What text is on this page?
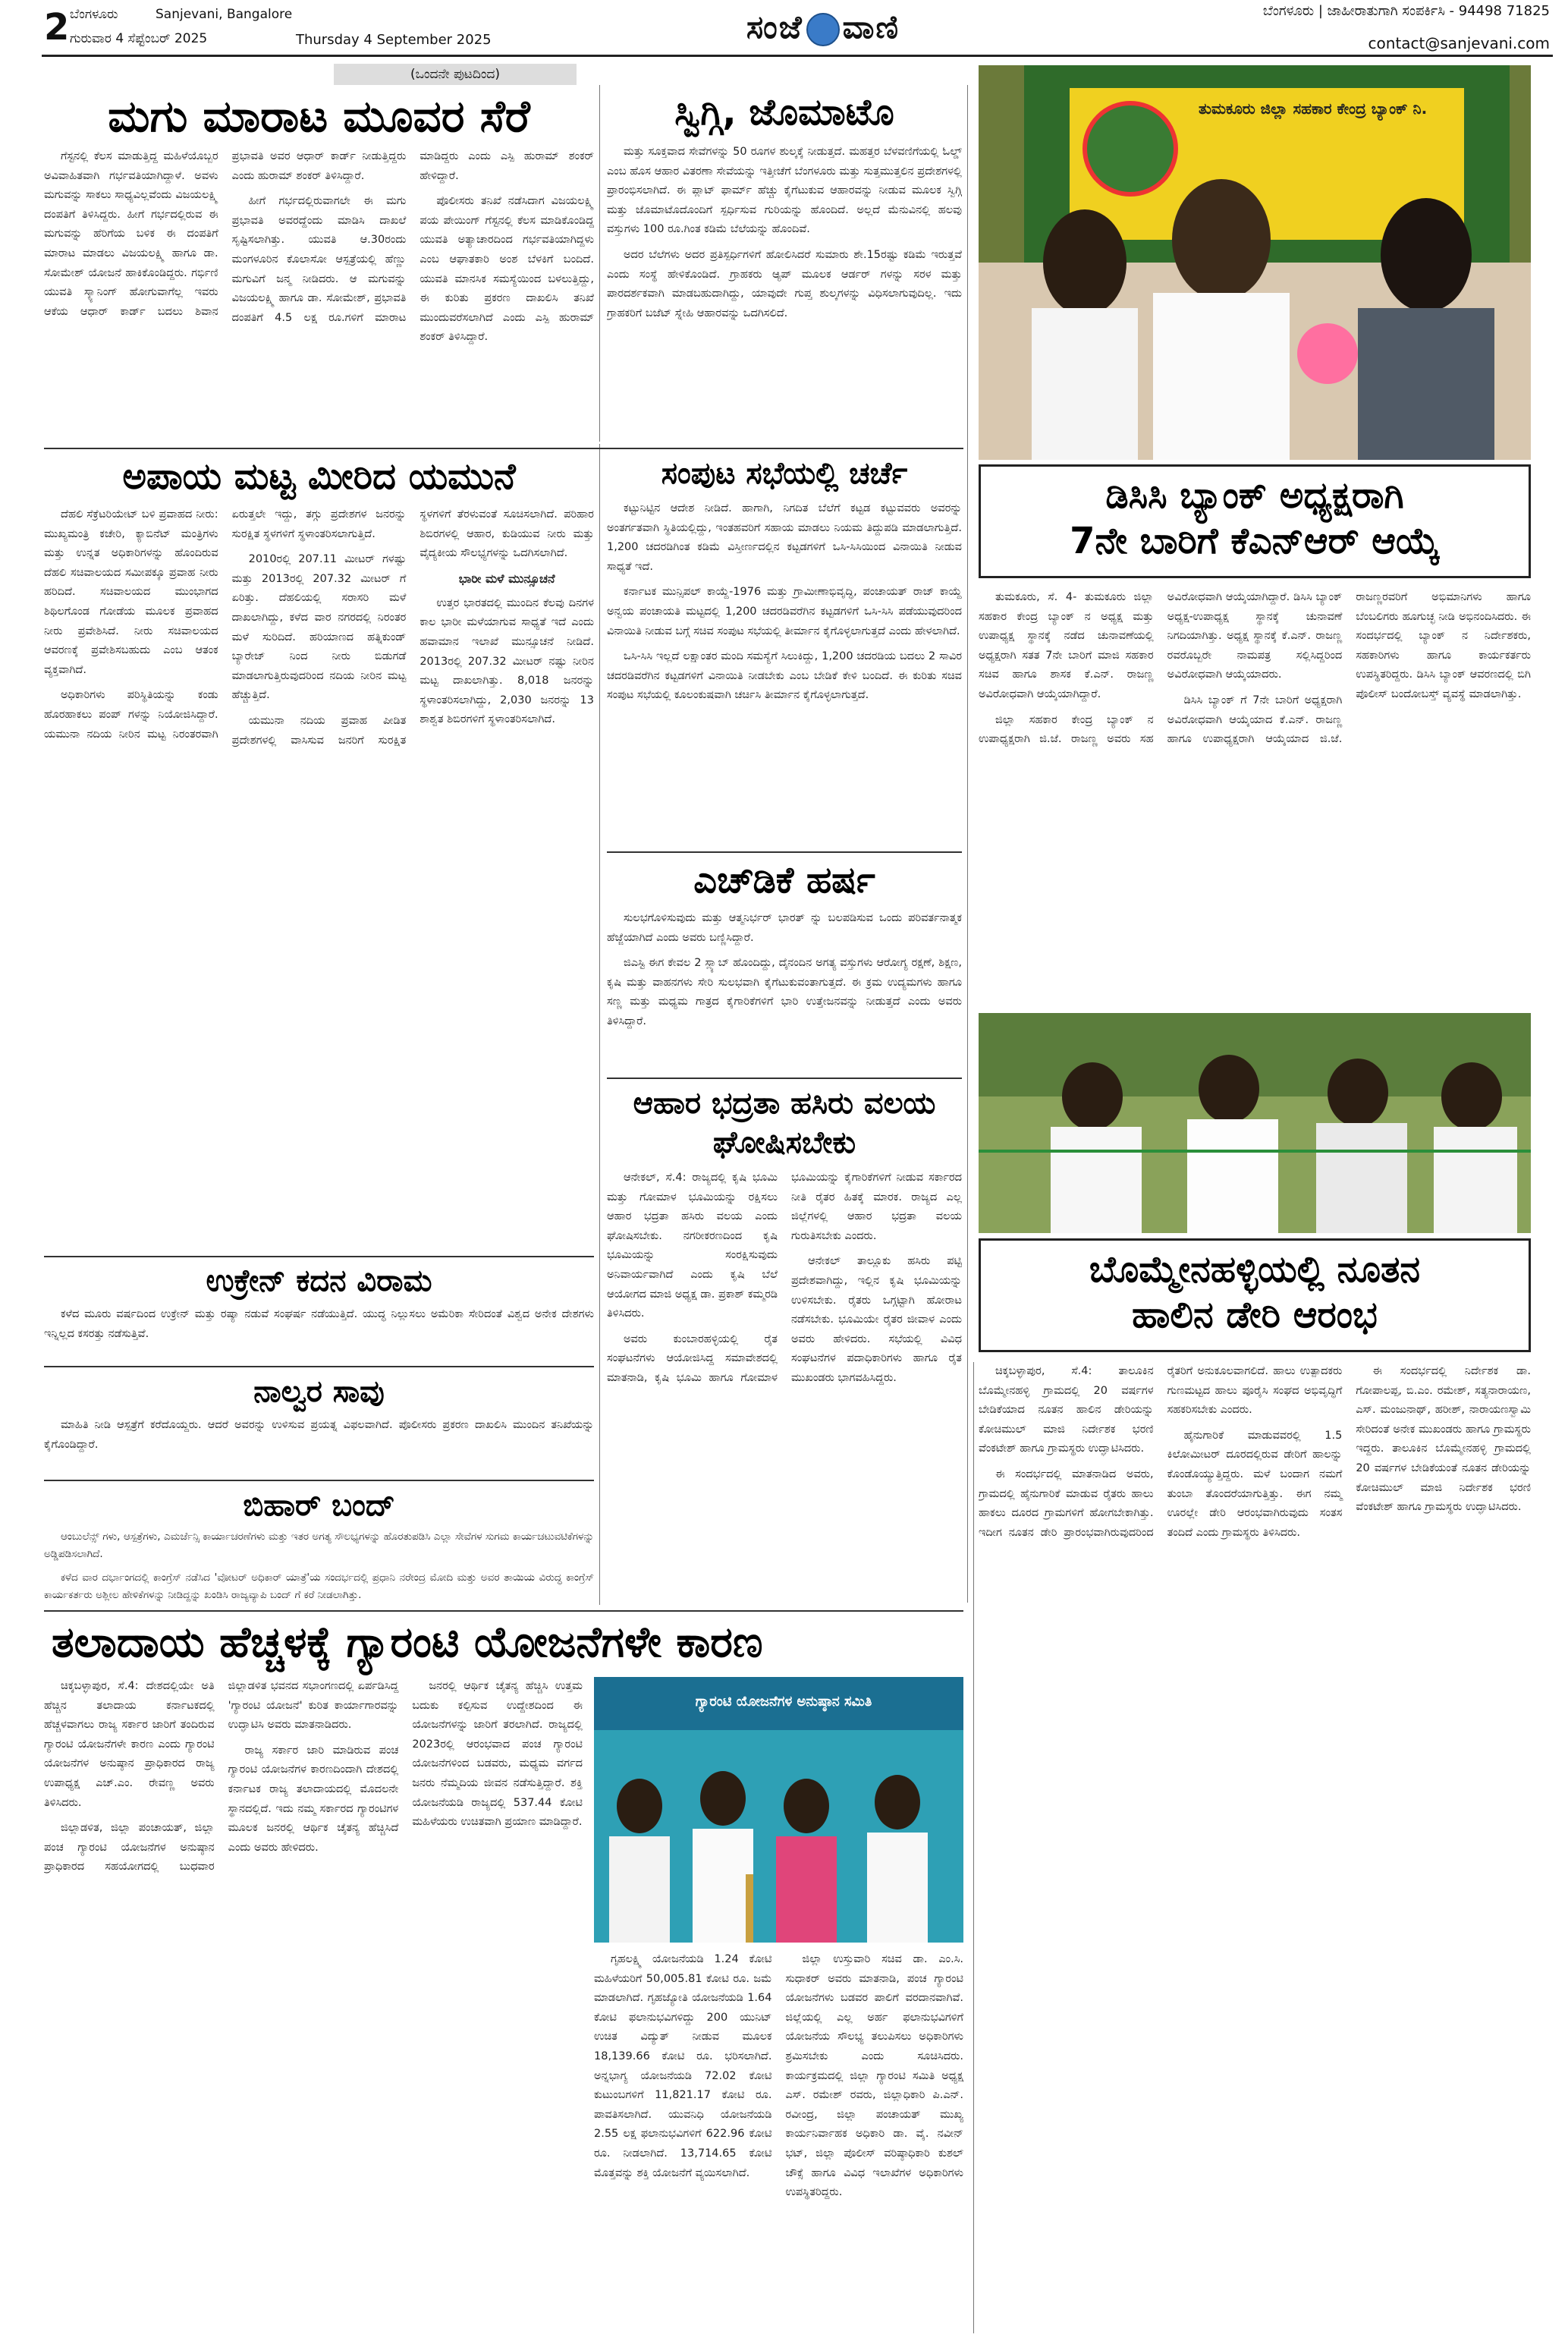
2 ಬೆಂಗಳೂರು	Sanjevani, Bangalore
ಗುರುವಾರ 4 ಸೆಪ್ಟೆಂಬರ್ 2025	Thursday 4 September 2025	ಸಂಜೆ ವಾಣಿ	ಬೆಂಗಳೂರು | ಜಾಹೀರಾತುಗಾಗಿ ಸಂಪರ್ಕಿಸಿ - 94498 71825
contact@sanjevani.com
(ಒಂದನೇ ಪುಟದಿಂದ)
ಮಗು ಮಾರಾಟ ಮೂವರ ಸೆರೆ

ಗೆಸ್ಟನಲ್ಲಿ ಕೆಲಸ ಮಾಡುತ್ತಿದ್ದ ಮಹಿಳೆಯೊಬ್ಬರ ಅವಿವಾಹಿತವಾಗಿ ಗರ್ಭವತಿಯಾಗಿದ್ದಾಳೆ. ಅವಳು ಮಗುವನ್ನು ಸಾಕಲು ಸಾಧ್ಯವಿಲ್ಲವೆಂದು ವಿಜಯಲಕ್ಷ್ಮಿ ದಂಪತಿಗೆ ತಿಳಿಸಿದ್ದರು. ಹೀಗೆ ಗರ್ಭದಲ್ಲಿರುವ ಈ ಮಗುವನ್ನು ಹೆರಿಗೆಯ ಬಳಿಕ ಈ ದಂಪತಿಗೆ ಮಾರಾಟ ಮಾಡಲು ವಿಜಯಲಕ್ಷ್ಮಿ ಹಾಗೂ ಡಾ. ಸೋಮೇಶ್ ಯೋಜನೆ ಹಾಕಿಕೊಂಡಿದ್ದರು. ಗರ್ಭಿಣಿ ಯುವತಿ ಸ್ಕ್ಯಾನಿಂಗ್ ಹೋಗುವಾಗೆಲ್ಲ ಇವರು ಆಕೆಯ ಆಧಾರ್ ಕಾರ್ಡ್ ಬದಲು ಶಿವಾನ ಪ್ರಭಾವತಿ ಅವರ ಆಧಾರ್ ಕಾರ್ಡ್ ನೀಡುತ್ತಿದ್ದರು ಎಂದು ಹುರಾಮ್ ಶಂಕರ್ ತಿಳಿಸಿದ್ದಾರೆ.

ಹೀಗೆ ಗರ್ಭದಲ್ಲಿರುವಾಗಲೇ ಈ ಮಗು ಪ್ರಭಾವತಿ ಅವರದ್ದೆಂದು ಮಾಡಿಸಿ ದಾಖಲೆ ಸೃಷ್ಟಿಸಲಾಗಿತ್ತು. ಯುವತಿ ಆ.30ರಂದು ಮಂಗಳೂರಿನ ಕೊಲಾಸೋ ಆಸ್ಪತ್ರೆಯಲ್ಲಿ ಹೆಣ್ಣು ಮಗುವಿಗೆ ಜನ್ಮ ನೀಡಿದರು. ಆ ಮಗುವನ್ನು ವಿಜಯಲಕ್ಷ್ಮಿ ಹಾಗೂ ಡಾ. ಸೋಮೇಶ್, ಪ್ರಭಾವತಿ ದಂಪತಿಗೆ 4.5 ಲಕ್ಷ ರೂ.ಗಳಿಗೆ ಮಾರಾಟ ಮಾಡಿದ್ದರು ಎಂದು ಎಸ್ಪಿ ಹುರಾಮ್ ಶಂಕರ್ ಹೇಳಿದ್ದಾರೆ.

ಪೊಲೀಸರು ತನಿಖೆ ನಡೆಸಿದಾಗ ವಿಜಯಲಕ್ಷ್ಮಿ ಪಯ ಪೇಯಿಂಗ್ ಗೆಸ್ಟನಲ್ಲಿ ಕೆಲಸ ಮಾಡಿಕೊಂಡಿದ್ದ ಯುವತಿ ಅತ್ಯಾಚಾರದಿಂದ ಗರ್ಭವತಿಯಾಗಿದ್ದಳು ಎಂಬ ಆಘಾತಕಾರಿ ಅಂಶ ಬೆಳಕಿಗೆ ಬಂದಿದೆ. ಯುವತಿ ಮಾನಸಿಕ ಸಮಸ್ಯೆಯಿಂದ ಬಳಲುತ್ತಿದ್ದು, ಈ ಕುರಿತು ಪ್ರಕರಣ ದಾಖಲಿಸಿ ತನಿಖೆ ಮುಂದುವರೆಸಲಾಗಿದೆ ಎಂದು ಎಸ್ಪಿ ಹುರಾಮ್ ಶಂಕರ್ ತಿಳಿಸಿದ್ದಾರೆ.

ಸ್ವಿಗ್ಗಿ, ಜೊಮಾಟೊ

ಮತ್ತು ಸೂಕ್ತವಾದ ಸೇವೆಗಳನ್ನು 50 ರೂಗಳ ಶುಲ್ಕಕ್ಕೆ ನೀಡುತ್ತದೆ. ಮಹತ್ತರ ಬೆಳವಣಿಗೆಯಲ್ಲಿ ಓಲ್ಡ್ ಎಂಬ ಹೊಸ ಆಹಾರ ವಿತರಣಾ ಸೇವೆಯನ್ನು ಇತ್ತೀಚೆಗೆ ಬೆಂಗಳೂರು ಮತ್ತು ಸುತ್ತಮುತ್ತಲಿನ ಪ್ರದೇಶಗಳಲ್ಲಿ ಪ್ರಾರಂಭಿಸಲಾಗಿದೆ. ಈ ಪ್ಲಾಟ್ ಫಾರ್ಮ್ ಹೆಚ್ಚು ಕೈಗೆಟುಕುವ ಆಹಾರವನ್ನು ನೀಡುವ ಮೂಲಕ ಸ್ವಿಗ್ಗಿ ಮತ್ತು ಜೊಮಾಟೊದೊಂದಿಗೆ ಸ್ಪರ್ಧಿಸುವ ಗುರಿಯನ್ನು ಹೊಂದಿದೆ. ಅಲ್ಲದೆ ಮೆನುವಿನಲ್ಲಿ ಹಲವು ವಸ್ತುಗಳು 100 ರೂ.ಗಿಂತ ಕಡಿಮೆ ಬೆಲೆಯನ್ನು ಹೊಂದಿವೆ.

ಅದರ ಬೆಲೆಗಳು ಅದರ ಪ್ರತಿಸ್ಪರ್ಧಿಗಳಿಗೆ ಹೋಲಿಸಿದರೆ ಸುಮಾರು ಶೇ.15ರಷ್ಟು ಕಡಿಮೆ ಇರುತ್ತವೆ ಎಂದು ಸಂಸ್ಥೆ ಹೇಳಿಕೊಂಡಿದೆ. ಗ್ರಾಹಕರು ಆ್ಯಪ್ ಮೂಲಕ ಆರ್ಡರ್ ಗಳನ್ನು ಸರಳ ಮತ್ತು ಪಾರದರ್ಶಕವಾಗಿ ಮಾಡಬಹುದಾಗಿದ್ದು, ಯಾವುದೇ ಗುಪ್ತ ಶುಲ್ಕಗಳನ್ನು ವಿಧಿಸಲಾಗುವುದಿಲ್ಲ. ಇದು ಗ್ರಾಹಕರಿಗೆ ಬಜೆಟ್ ಸ್ನೇಹಿ ಆಹಾರವನ್ನು ಒದಗಿಸಲಿದೆ.

ಅಪಾಯ ಮಟ್ಟ ಮೀರಿದ ಯಮುನೆ

ದೆಹಲಿ ಸೆಕ್ರೆಟರಿಯೇಟ್ ಬಳಿ ಪ್ರವಾಹದ ನೀರು: ಮುಖ್ಯಮಂತ್ರಿ ಕಚೇರಿ, ಕ್ಯಾಬಿನೆಟ್ ಮಂತ್ರಿಗಳು ಮತ್ತು ಉನ್ನತ ಅಧಿಕಾರಿಗಳನ್ನು ಹೊಂದಿರುವ ದೆಹಲಿ ಸಚಿವಾಲಯದ ಸಮೀಪಕ್ಕೂ ಪ್ರವಾಹ ನೀರು ಹರಿದಿದೆ. ಸಚಿವಾಲಯದ ಮುಂಭಾಗದ ಶಿಥಿಲಗೊಂಡ ಗೋಡೆಯ ಮೂಲಕ ಪ್ರವಾಹದ ನೀರು ಪ್ರವೇಶಿಸಿದೆ. ನೀರು ಸಚಿವಾಲಯದ ಆವರಣಕ್ಕೆ ಪ್ರವೇಶಿಸಬಹುದು ಎಂಬ ಆತಂಕ ವ್ಯಕ್ತವಾಗಿದೆ.

ಅಧಿಕಾರಿಗಳು ಪರಿಸ್ಥಿತಿಯನ್ನು ಕಂಡು ಹೊರಹಾಕಲು ಪಂಪ್ ಗಳನ್ನು ನಿಯೋಜಿಸಿದ್ದಾರೆ. ಯಮುನಾ ನದಿಯ ನೀರಿನ ಮಟ್ಟ ನಿರಂತರವಾಗಿ ಏರುತ್ತಲೇ ಇದ್ದು, ತಗ್ಗು ಪ್ರದೇಶಗಳ ಜನರನ್ನು ಸುರಕ್ಷಿತ ಸ್ಥಳಗಳಿಗೆ ಸ್ಥಳಾಂತರಿಸಲಾಗುತ್ತಿದೆ.

2010ರಲ್ಲಿ 207.11 ಮೀಟರ್ ಗಳಷ್ಟು ಮತ್ತು 2013ರಲ್ಲಿ 207.32 ಮೀಟರ್ ಗೆ ಏರಿತ್ತು. ದೆಹಲಿಯಲ್ಲಿ ಸರಾಸರಿ ಮಳೆ ದಾಖಲಾಗಿದ್ದು, ಕಳೆದ ವಾರ ನಗರದಲ್ಲಿ ನಿರಂತರ ಮಳೆ ಸುರಿದಿದೆ. ಹರಿಯಾಣದ ಹತ್ನಿಕುಂಡ್ ಬ್ಯಾರೇಜ್ ನಿಂದ ನೀರು ಬಿಡುಗಡೆ ಮಾಡಲಾಗುತ್ತಿರುವುದರಿಂದ ನದಿಯ ನೀರಿನ ಮಟ್ಟ ಹೆಚ್ಚುತ್ತಿದೆ.

ಯಮುನಾ ನದಿಯ ಪ್ರವಾಹ ಪೀಡಿತ ಪ್ರದೇಶಗಳಲ್ಲಿ ವಾಸಿಸುವ ಜನರಿಗೆ ಸುರಕ್ಷಿತ ಸ್ಥಳಗಳಿಗೆ ತೆರಳುವಂತೆ ಸೂಚಿಸಲಾಗಿದೆ. ಪರಿಹಾರ ಶಿಬಿರಗಳಲ್ಲಿ ಆಹಾರ, ಕುಡಿಯುವ ನೀರು ಮತ್ತು ವೈದ್ಯಕೀಯ ಸೌಲಭ್ಯಗಳನ್ನು ಒದಗಿಸಲಾಗಿದೆ.

ಭಾರೀ ಮಳೆ ಮುನ್ಸೂಚನೆ

ಉತ್ತರ ಭಾರತದಲ್ಲಿ ಮುಂದಿನ ಕೆಲವು ದಿನಗಳ ಕಾಲ ಭಾರೀ ಮಳೆಯಾಗುವ ಸಾಧ್ಯತೆ ಇದೆ ಎಂದು ಹವಾಮಾನ ಇಲಾಖೆ ಮುನ್ಸೂಚನೆ ನೀಡಿದೆ. 2013ರಲ್ಲಿ 207.32 ಮೀಟರ್ ನಷ್ಟು ನೀರಿನ ಮಟ್ಟ ದಾಖಲಾಗಿತ್ತು. 8,018 ಜನರನ್ನು ಸ್ಥಳಾಂತರಿಸಲಾಗಿದ್ದು, 2,030 ಜನರನ್ನು 13 ಶಾಶ್ವತ ಶಿಬಿರಗಳಿಗೆ ಸ್ಥಳಾಂತರಿಸಲಾಗಿದೆ.

ಸಂಪುಟ ಸಭೆಯಲ್ಲಿ ಚರ್ಚೆ

ಕಟ್ಟುನಿಟ್ಟಿನ ಆದೇಶ ನೀಡಿದೆ. ಹಾಗಾಗಿ, ನಿಗದಿತ ಬೆಲೆಗೆ ಕಟ್ಟಡ ಕಟ್ಟುವವರು ಅವರನ್ನು ಅಂತರ್ಗತವಾಗಿ ಸ್ಥಿತಿಯಲ್ಲಿದ್ದು, ಇಂತಹವರಿಗೆ ಸಹಾಯ ಮಾಡಲು ನಿಯಮ ತಿದ್ದುಪಡಿ ಮಾಡಲಾಗುತ್ತಿದೆ. 1,200 ಚದರಡಿಗಿಂತ ಕಡಿಮೆ ವಿಸ್ತೀರ್ಣದಲ್ಲಿನ ಕಟ್ಟಡಗಳಿಗೆ ಒಸಿ-ಸಿಸಿಯಿಂದ ವಿನಾಯಿತಿ ನೀಡುವ ಸಾಧ್ಯತೆ ಇದೆ.

ಕರ್ನಾಟಕ ಮುನ್ಸಿಪಲ್ ಕಾಯ್ದೆ-1976 ಮತ್ತು ಗ್ರಾಮೀಣಾಭಿವೃದ್ಧಿ, ಪಂಚಾಯತ್ ರಾಜ್ ಕಾಯ್ದೆ ಅನ್ವಯ ಪಂಚಾಯತಿ ಮಟ್ಟದಲ್ಲಿ 1,200 ಚದರಡಿವರೆಗಿನ ಕಟ್ಟಡಗಳಿಗೆ ಒಸಿ-ಸಿಸಿ ಪಡೆಯುವುದರಿಂದ ವಿನಾಯಿತಿ ನೀಡುವ ಬಗ್ಗೆ ಸಚಿವ ಸಂಪುಟ ಸಭೆಯಲ್ಲಿ ತೀರ್ಮಾನ ಕೈಗೊಳ್ಳಲಾಗುತ್ತದೆ ಎಂದು ಹೇಳಲಾಗಿದೆ.

ಒಸಿ-ಸಿಸಿ ಇಲ್ಲದೆ ಲಕ್ಷಾಂತರ ಮಂದಿ ಸಮಸ್ಯೆಗೆ ಸಿಲುಕಿದ್ದು, 1,200 ಚದರಡಿಯ ಬದಲು 2 ಸಾವಿರ ಚದರಡಿವರೆಗಿನ ಕಟ್ಟಡಗಳಿಗೆ ವಿನಾಯಿತಿ ನೀಡಬೇಕು ಎಂಬ ಬೇಡಿಕೆ ಕೇಳಿ ಬಂದಿದೆ. ಈ ಕುರಿತು ಸಚಿವ ಸಂಪುಟ ಸಭೆಯಲ್ಲಿ ಕೂಲಂಕುಷವಾಗಿ ಚರ್ಚಿಸಿ ತೀರ್ಮಾನ ಕೈಗೊಳ್ಳಲಾಗುತ್ತದೆ.

ಎಚ್‍ಡಿಕೆ ಹರ್ಷ

ಸುಲಭಗೊಳಿಸುವುದು ಮತ್ತು ಆತ್ಮನಿರ್ಭರ್ ಭಾರತ್ ನ್ನು ಬಲಪಡಿಸುವ ಒಂದು ಪರಿವರ್ತನಾತ್ಮಕ ಹೆಜ್ಜೆಯಾಗಿದೆ ಎಂದು ಅವರು ಬಣ್ಣಿಸಿದ್ದಾರೆ.

ಜಿಎಸ್ಟಿ ಈಗ ಕೇವಲ 2 ಸ್ಲ್ಯಾಬ್ ಹೊಂದಿದ್ದು, ದೈನಂದಿನ ಅಗತ್ಯ ವಸ್ತುಗಳು ಆರೋಗ್ಯ ರಕ್ಷಣೆ, ಶಿಕ್ಷಣ, ಕೃಷಿ ಮತ್ತು ವಾಹನಗಳು ಸೇರಿ ಸುಲಭವಾಗಿ ಕೈಗೆಟುಕುವಂತಾಗುತ್ತದೆ. ಈ ಕ್ರಮ ಉದ್ಯಮಗಳು ಹಾಗೂ ಸಣ್ಣ ಮತ್ತು ಮಧ್ಯಮ ಗಾತ್ರದ ಕೈಗಾರಿಕೆಗಳಿಗೆ ಭಾರಿ ಉತ್ತೇಜನವನ್ನು ನೀಡುತ್ತದೆ ಎಂದು ಅವರು ತಿಳಿಸಿದ್ದಾರೆ.

ಆಹಾರ ಭದ್ರತಾ ಹಸಿರು ವಲಯ ಘೋಷಿಸಬೇಕು

ಆನೇಕಲ್, ಸೆ.4: ರಾಜ್ಯದಲ್ಲಿ ಕೃಷಿ ಭೂಮಿ ಮತ್ತು ಗೋಮಾಳ ಭೂಮಿಯನ್ನು ರಕ್ಷಿಸಲು ಆಹಾರ ಭದ್ರತಾ ಹಸಿರು ವಲಯ ಎಂದು ಘೋಷಿಸಬೇಕು. ನಗರೀಕರಣದಿಂದ ಕೃಷಿ ಭೂಮಿಯನ್ನು ಸಂರಕ್ಷಿಸುವುದು ಅನಿವಾರ್ಯವಾಗಿದೆ ಎಂದು ಕೃಷಿ ಬೆಲೆ ಆಯೋಗದ ಮಾಜಿ ಅಧ್ಯಕ್ಷ ಡಾ. ಪ್ರಕಾಶ್ ಕಮ್ಮರಡಿ ತಿಳಿಸಿದರು.

ಅವರು ಕುಂಬಾರಹಳ್ಳಿಯಲ್ಲಿ ರೈತ ಸಂಘಟನೆಗಳು ಆಯೋಜಿಸಿದ್ದ ಸಮಾವೇಶದಲ್ಲಿ ಮಾತನಾಡಿ, ಕೃಷಿ ಭೂಮಿ ಹಾಗೂ ಗೋಮಾಳ ಭೂಮಿಯನ್ನು ಕೈಗಾರಿಕೆಗಳಿಗೆ ನೀಡುವ ಸರ್ಕಾರದ ನೀತಿ ರೈತರ ಹಿತಕ್ಕೆ ಮಾರಕ. ರಾಜ್ಯದ ಎಲ್ಲ ಜಿಲ್ಲೆಗಳಲ್ಲಿ ಆಹಾರ ಭದ್ರತಾ ವಲಯ ಗುರುತಿಸಬೇಕು ಎಂದರು.

ಆನೇಕಲ್ ತಾಲ್ಲೂಕು ಹಸಿರು ಪಟ್ಟಿ ಪ್ರದೇಶವಾಗಿದ್ದು, ಇಲ್ಲಿನ ಕೃಷಿ ಭೂಮಿಯನ್ನು ಉಳಿಸಬೇಕು. ರೈತರು ಒಗ್ಗಟ್ಟಾಗಿ ಹೋರಾಟ ನಡೆಸಬೇಕು. ಭೂಮಿಯೇ ರೈತರ ಜೀವಾಳ ಎಂದು ಅವರು ಹೇಳಿದರು. ಸಭೆಯಲ್ಲಿ ವಿವಿಧ ಸಂಘಟನೆಗಳ ಪದಾಧಿಕಾರಿಗಳು ಹಾಗೂ ರೈತ ಮುಖಂಡರು ಭಾಗವಹಿಸಿದ್ದರು.

ಉಕ್ರೇನ್ ಕದನ ವಿರಾಮ

ಕಳೆದ ಮೂರು ವರ್ಷದಿಂದ ಉಕ್ರೇನ್ ಮತ್ತು ರಷ್ಯಾ ನಡುವೆ ಸಂಘರ್ಷ ನಡೆಯುತ್ತಿದೆ. ಯುದ್ಧ ನಿಲ್ಲುಸಲು ಅಮೆರಿಕಾ ಸೇರಿದಂತೆ ವಿಶ್ವದ ಅನೇಕ ದೇಶಗಳು ಇನ್ನಿಲ್ಲದ ಕಸರತ್ತು ನಡೆಸುತ್ತಿವೆ.

ನಾಲ್ವರ ಸಾವು

ಮಾಹಿತಿ ನೀಡಿ ಆಸ್ಪತ್ರೆಗೆ ಕರೆದೊಯ್ದರು. ಆದರೆ ಅವರನ್ನು ಉಳಿಸುವ ಪ್ರಯತ್ನ ವಿಫಲವಾಗಿದೆ. ಪೊಲೀಸರು ಪ್ರಕರಣ ದಾಖಲಿಸಿ ಮುಂದಿನ ತನಿಖೆಯನ್ನು ಕೈಗೊಂಡಿದ್ದಾರೆ.

ಬಿಹಾರ್ ಬಂದ್

ಆಂಬುಲೆನ್ಸ್ ಗಳು, ಆಸ್ಪತ್ರೆಗಳು, ಎಮರ್ಜೆನ್ಸಿ ಕಾರ್ಯಾಚರಣೆಗಳು ಮತ್ತು ಇತರ ಅಗತ್ಯ ಸೌಲಭ್ಯಗಳನ್ನು ಹೊರತುಪಡಿಸಿ ಎಲ್ಲಾ ಸೇವೆಗಳ ಸುಗಮ ಕಾರ್ಯಚಟುವಟಿಕೆಗಳನ್ನು ಅಡ್ಡಿಪಡಿಸಲಾಗಿದೆ.

ಕಳೆದ ವಾರ ದರ್ಭಾಂಗದಲ್ಲಿ ಕಾಂಗ್ರೆಸ್ ನಡೆಸಿದ 'ವೋಟರ್ ಅಧಿಕಾರ್ ಯಾತ್ರೆ'ಯ ಸಂದರ್ಭದಲ್ಲಿ ಪ್ರಧಾನಿ ನರೇಂದ್ರ ಮೋದಿ ಮತ್ತು ಅವರ ತಾಯಿಯ ವಿರುದ್ಧ ಕಾಂಗ್ರೆಸ್ ಕಾರ್ಯಕರ್ತರು ಅಶ್ಲೀಲ ಹೇಳಿಕೆಗಳನ್ನು ನೀಡಿದ್ದನ್ನು ಖಂಡಿಸಿ ರಾಜ್ಯವ್ಯಾಪಿ ಬಂದ್ ಗೆ ಕರೆ ನೀಡಲಾಗಿತ್ತು.

ತುಮಕೂರು ಜಿಲ್ಲಾ ಸಹಕಾರ ಕೇಂದ್ರ ಬ್ಯಾಂಕ್ ನಿ.
ಡಿಸಿಸಿ ಬ್ಯಾಂಕ್ ಅಧ್ಯಕ್ಷರಾಗಿ
7ನೇ ಬಾರಿಗೆ ಕೆಎನ್‍ಆರ್ ಆಯ್ಕೆ

ತುಮಕೂರು, ಸೆ. 4- ತುಮಕೂರು ಜಿಲ್ಲಾ ಸಹಕಾರ ಕೇಂದ್ರ ಬ್ಯಾಂಕ್ ನ ಅಧ್ಯಕ್ಷ ಮತ್ತು ಉಪಾಧ್ಯಕ್ಷ ಸ್ಥಾನಕ್ಕೆ ನಡೆದ ಚುನಾವಣೆಯಲ್ಲಿ ಅಧ್ಯಕ್ಷರಾಗಿ ಸತತ 7ನೇ ಬಾರಿಗೆ ಮಾಜಿ ಸಹಕಾರ ಸಚಿವ ಹಾಗೂ ಶಾಸಕ ಕೆ.ಎನ್. ರಾಜಣ್ಣ ಅವಿರೋಧವಾಗಿ ಆಯ್ಕೆಯಾಗಿದ್ದಾರೆ.

ಜಿಲ್ಲಾ ಸಹಕಾರ ಕೇಂದ್ರ ಬ್ಯಾಂಕ್ ನ ಉಪಾಧ್ಯಕ್ಷರಾಗಿ ಜಿ.ಜೆ. ರಾಜಣ್ಣ ಅವರು ಸಹ ಅವಿರೋಧವಾಗಿ ಆಯ್ಕೆಯಾಗಿದ್ದಾರೆ. ಡಿಸಿಸಿ ಬ್ಯಾಂಕ್ ಅಧ್ಯಕ್ಷ-ಉಪಾಧ್ಯಕ್ಷ ಸ್ಥಾನಕ್ಕೆ ಚುನಾವಣೆ ನಿಗದಿಯಾಗಿತ್ತು. ಅಧ್ಯಕ್ಷ ಸ್ಥಾನಕ್ಕೆ ಕೆ.ಎನ್. ರಾಜಣ್ಣ ರವರೊಬ್ಬರೇ ನಾಮಪತ್ರ ಸಲ್ಲಿಸಿದ್ದರಿಂದ ಅವಿರೋಧವಾಗಿ ಆಯ್ಕೆಯಾದರು.

ಡಿಸಿಸಿ ಬ್ಯಾಂಕ್ ಗೆ 7ನೇ ಬಾರಿಗೆ ಅಧ್ಯಕ್ಷರಾಗಿ ಅವಿರೋಧವಾಗಿ ಆಯ್ಕೆಯಾದ ಕೆ.ಎನ್. ರಾಜಣ್ಣ ಹಾಗೂ ಉಪಾಧ್ಯಕ್ಷರಾಗಿ ಆಯ್ಕೆಯಾದ ಜಿ.ಜೆ. ರಾಜಣ್ಣರವರಿಗೆ ಅಭಿಮಾನಿಗಳು ಹಾಗೂ ಬೆಂಬಲಿಗರು ಹೂಗುಚ್ಛ ನೀಡಿ ಅಭಿನಂದಿಸಿದರು. ಈ ಸಂದರ್ಭದಲ್ಲಿ ಬ್ಯಾಂಕ್ ನ ನಿರ್ದೇಶಕರು, ಸಹಕಾರಿಗಳು ಹಾಗೂ ಕಾರ್ಯಕರ್ತರು ಉಪಸ್ಥಿತರಿದ್ದರು. ಡಿಸಿಸಿ ಬ್ಯಾಂಕ್ ಆವರಣದಲ್ಲಿ ಬಿಗಿ ಪೊಲೀಸ್ ಬಂದೋಬಸ್ತ್ ವ್ಯವಸ್ಥೆ ಮಾಡಲಾಗಿತ್ತು.

ಬೊಮ್ಮೇನಹಳ್ಳಿಯಲ್ಲಿ ನೂತನ
ಹಾಲಿನ ಡೇರಿ ಆರಂಭ

ಚಿಕ್ಕಬಳ್ಳಾಪುರ, ಸೆ.4: ತಾಲೂಕಿನ ಬೊಮ್ಮೇನಹಳ್ಳಿ ಗ್ರಾಮದಲ್ಲಿ 20 ವರ್ಷಗಳ ಬೇಡಿಕೆಯಾದ ನೂತನ ಹಾಲಿನ ಡೇರಿಯನ್ನು ಕೋಚಿಮುಲ್ ಮಾಜಿ ನಿರ್ದೇಶಕ ಭರಣಿ ವೆಂಕಟೇಶ್ ಹಾಗೂ ಗ್ರಾಮಸ್ಥರು ಉದ್ಘಾಟಿಸಿದರು.

ಈ ಸಂದರ್ಭದಲ್ಲಿ ಮಾತನಾಡಿದ ಅವರು, ಗ್ರಾಮದಲ್ಲಿ ಹೈನುಗಾರಿಕೆ ಮಾಡುವ ರೈತರು ಹಾಲು ಹಾಕಲು ದೂರದ ಗ್ರಾಮಗಳಿಗೆ ಹೋಗಬೇಕಾಗಿತ್ತು. ಇದೀಗ ನೂತನ ಡೇರಿ ಪ್ರಾರಂಭವಾಗಿರುವುದರಿಂದ ರೈತರಿಗೆ ಅನುಕೂಲವಾಗಲಿದೆ. ಹಾಲು ಉತ್ಪಾದಕರು ಗುಣಮಟ್ಟದ ಹಾಲು ಪೂರೈಸಿ ಸಂಘದ ಅಭಿವೃದ್ಧಿಗೆ ಸಹಕರಿಸಬೇಕು ಎಂದರು.

ಹೈನುಗಾರಿಕೆ ಮಾಡುವವರಲ್ಲಿ 1.5 ಕಿಲೋಮೀಟರ್ ದೂರದಲ್ಲಿರುವ ಡೇರಿಗೆ ಹಾಲನ್ನು ಕೊಂಡೊಯ್ಯುತ್ತಿದ್ದರು. ಮಳೆ ಬಂದಾಗ ನಮಗೆ ತುಂಬಾ ತೊಂದರೆಯಾಗುತ್ತಿತ್ತು. ಈಗ ನಮ್ಮ ಊರಲ್ಲೇ ಡೇರಿ ಆರಂಭವಾಗಿರುವುದು ಸಂತಸ ತಂದಿದೆ ಎಂದು ಗ್ರಾಮಸ್ಥರು ತಿಳಿಸಿದರು.

ಈ ಸಂದರ್ಭದಲ್ಲಿ ನಿರ್ದೇಶಕ ಡಾ. ಗೋಪಾಲಪ್ಪ, ಬಿ.ಎಂ. ರಮೇಶ್, ಸತ್ಯನಾರಾಯಣ, ಎಸ್. ಮಂಜುನಾಥ್, ಹರೀಶ್, ನಾರಾಯಣಸ್ವಾಮಿ ಸೇರಿದಂತೆ ಅನೇಕ ಮುಖಂಡರು ಹಾಗೂ ಗ್ರಾಮಸ್ಥರು ಇದ್ದರು. ತಾಲೂಕಿನ ಬೊಮ್ಮೇನಹಳ್ಳಿ ಗ್ರಾಮದಲ್ಲಿ 20 ವರ್ಷಗಳ ಬೇಡಿಕೆಯಂತೆ ನೂತನ ಡೇರಿಯನ್ನು ಕೋಚಿಮುಲ್ ಮಾಜಿ ನಿರ್ದೇಶಕ ಭರಣಿ ವೆಂಕಟೇಶ್ ಹಾಗೂ ಗ್ರಾಮಸ್ಥರು ಉದ್ಘಾಟಿಸಿದರು.

ತಲಾದಾಯ ಹೆಚ್ಚಳಕ್ಕೆ ಗ್ಯಾರಂಟಿ ಯೋಜನೆಗಳೇ ಕಾರಣ
ಗ್ಯಾರಂಟಿ ಯೋಜನೆಗಳ ಅನುಷ್ಠಾನ ಸಮಿತಿ

ಚಿಕ್ಕಬಳ್ಳಾಪುರ, ಸೆ.4: ದೇಶದಲ್ಲಿಯೇ ಅತಿ ಹೆಚ್ಚಿನ ತಲಾದಾಯ ಕರ್ನಾಟಕದಲ್ಲಿ ಹೆಚ್ಚಳವಾಗಲು ರಾಜ್ಯ ಸರ್ಕಾರ ಜಾರಿಗೆ ತಂದಿರುವ ಗ್ಯಾರಂಟಿ ಯೋಜನೆಗಳೇ ಕಾರಣ ಎಂದು ಗ್ಯಾರಂಟಿ ಯೋಜನೆಗಳ ಅನುಷ್ಠಾನ ಪ್ರಾಧಿಕಾರದ ರಾಜ್ಯ ಉಪಾಧ್ಯಕ್ಷ ಎಚ್.ಎಂ. ರೇವಣ್ಣ ಅವರು ತಿಳಿಸಿದರು.

ಜಿಲ್ಲಾಡಳಿತ, ಜಿಲ್ಲಾ ಪಂಚಾಯತ್, ಜಿಲ್ಲಾ ಪಂಚ ಗ್ಯಾರಂಟಿ ಯೋಜನೆಗಳ ಅನುಷ್ಠಾನ ಪ್ರಾಧಿಕಾರದ ಸಹಯೋಗದಲ್ಲಿ ಬುಧವಾರ ಜಿಲ್ಲಾಡಳಿತ ಭವನದ ಸಭಾಂಗಣದಲ್ಲಿ ಏರ್ಪಡಿಸಿದ್ದ 'ಗ್ಯಾರಂಟಿ ಯೋಜನೆ' ಕುರಿತ ಕಾರ್ಯಾಗಾರವನ್ನು ಉದ್ಘಾಟಿಸಿ ಅವರು ಮಾತನಾಡಿದರು.

ರಾಜ್ಯ ಸರ್ಕಾರ ಜಾರಿ ಮಾಡಿರುವ ಪಂಚ ಗ್ಯಾರಂಟಿ ಯೋಜನೆಗಳ ಕಾರಣದಿಂದಾಗಿ ದೇಶದಲ್ಲಿ ಕರ್ನಾಟಕ ರಾಜ್ಯ ತಲಾದಾಯದಲ್ಲಿ ಮೊದಲನೇ ಸ್ಥಾನದಲ್ಲಿದೆ. ಇದು ನಮ್ಮ ಸರ್ಕಾರದ ಗ್ಯಾರಂಟಿಗಳ ಮೂಲಕ ಜನರಲ್ಲಿ ಆರ್ಥಿಕ ಚೈತನ್ಯ ಹೆಚ್ಚಿಸಿದೆ ಎಂದು ಅವರು ಹೇಳಿದರು.

ಜನರಲ್ಲಿ ಆರ್ಥಿಕ ಚೈತನ್ಯ ಹೆಚ್ಚಿಸಿ ಉತ್ತಮ ಬದುಕು ಕಲ್ಪಿಸುವ ಉದ್ದೇಶದಿಂದ ಈ ಯೋಜನೆಗಳನ್ನು ಜಾರಿಗೆ ತರಲಾಗಿದೆ. ರಾಜ್ಯದಲ್ಲಿ 2023ರಲ್ಲಿ ಆರಂಭವಾದ ಪಂಚ ಗ್ಯಾರಂಟಿ ಯೋಜನೆಗಳಿಂದ ಬಡವರು, ಮಧ್ಯಮ ವರ್ಗದ ಜನರು ನೆಮ್ಮದಿಯ ಜೀವನ ನಡೆಸುತ್ತಿದ್ದಾರೆ. ಶಕ್ತಿ ಯೋಜನೆಯಡಿ ರಾಜ್ಯದಲ್ಲಿ 537.44 ಕೋಟಿ ಮಹಿಳೆಯರು ಉಚಿತವಾಗಿ ಪ್ರಯಾಣ ಮಾಡಿದ್ದಾರೆ.

ಗೃಹಲಕ್ಷ್ಮಿ ಯೋಜನೆಯಡಿ 1.24 ಕೋಟಿ ಮಹಿಳೆಯರಿಗೆ 50,005.81 ಕೋಟಿ ರೂ. ಜಮೆ ಮಾಡಲಾಗಿದೆ. ಗೃಹಜ್ಯೋತಿ ಯೋಜನೆಯಡಿ 1.64 ಕೋಟಿ ಫಲಾನುಭವಿಗಳಿದ್ದು 200 ಯುನಿಟ್ ಉಚಿತ ವಿದ್ಯುತ್ ನೀಡುವ ಮೂಲಕ 18,139.66 ಕೋಟಿ ರೂ. ಭರಿಸಲಾಗಿದೆ. ಅನ್ನಭಾಗ್ಯ ಯೋಜನೆಯಡಿ 72.02 ಕೋಟಿ ಕುಟುಂಬಗಳಿಗೆ 11,821.17 ಕೋಟಿ ರೂ. ಪಾವತಿಸಲಾಗಿದೆ. ಯುವನಿಧಿ ಯೋಜನೆಯಡಿ 2.55 ಲಕ್ಷ ಫಲಾನುಭವಿಗಳಿಗೆ 622.96 ಕೋಟಿ ರೂ. ನೀಡಲಾಗಿದೆ. 13,714.65 ಕೋಟಿ ಮೊತ್ತವನ್ನು ಶಕ್ತಿ ಯೋಜನೆಗೆ ವ್ಯಯಿಸಲಾಗಿದೆ.

ಜಿಲ್ಲಾ ಉಸ್ತುವಾರಿ ಸಚಿವ ಡಾ. ಎಂ.ಸಿ. ಸುಧಾಕರ್ ಅವರು ಮಾತನಾಡಿ, ಪಂಚ ಗ್ಯಾರಂಟಿ ಯೋಜನೆಗಳು ಬಡವರ ಪಾಲಿಗೆ ವರದಾನವಾಗಿವೆ. ಜಿಲ್ಲೆಯಲ್ಲಿ ಎಲ್ಲ ಅರ್ಹ ಫಲಾನುಭವಿಗಳಿಗೆ ಯೋಜನೆಯ ಸೌಲಭ್ಯ ತಲುಪಿಸಲು ಅಧಿಕಾರಿಗಳು ಶ್ರಮಿಸಬೇಕು ಎಂದು ಸೂಚಿಸಿದರು. ಕಾರ್ಯಕ್ರಮದಲ್ಲಿ ಜಿಲ್ಲಾ ಗ್ಯಾರಂಟಿ ಸಮಿತಿ ಅಧ್ಯಕ್ಷ ಎಸ್. ರಮೇಶ್ ರವರು, ಜಿಲ್ಲಾಧಿಕಾರಿ ಪಿ.ಎನ್. ರವೀಂದ್ರ, ಜಿಲ್ಲಾ ಪಂಚಾಯತ್ ಮುಖ್ಯ ಕಾರ್ಯನಿರ್ವಾಹಕ ಅಧಿಕಾರಿ ಡಾ. ವೈ. ನವೀನ್ ಭಟ್, ಜಿಲ್ಲಾ ಪೊಲೀಸ್ ವರಿಷ್ಠಾಧಿಕಾರಿ ಕುಶಲ್ ಚೌಕ್ಸೆ ಹಾಗೂ ವಿವಿಧ ಇಲಾಖೆಗಳ ಅಧಿಕಾರಿಗಳು ಉಪಸ್ಥಿತರಿದ್ದರು.
